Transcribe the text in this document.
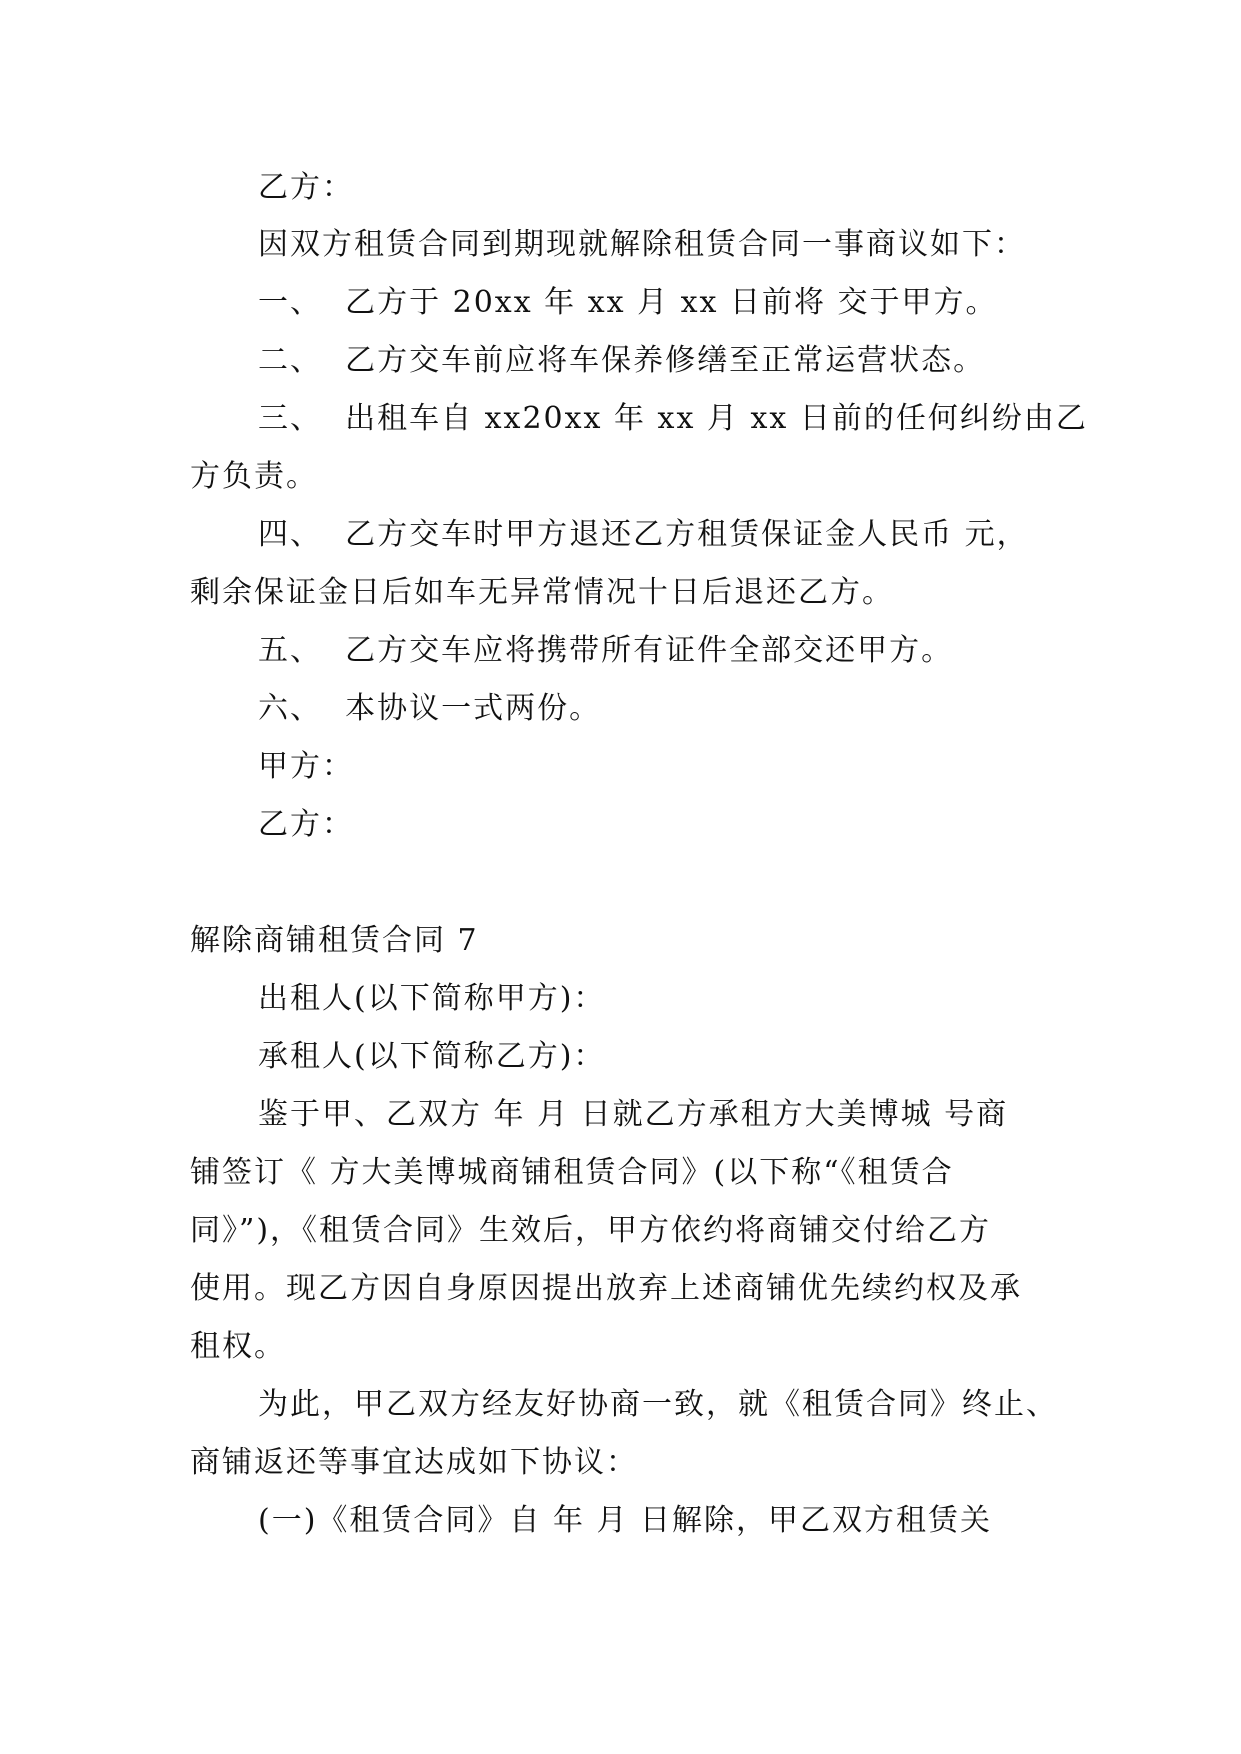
乙方：
因双方租赁合同到期现就解除租赁合同一事商议如下：
一、  乙方于 20xx 年 xx 月 xx 日前将 交于甲方。
二、  乙方交车前应将车保养修缮至正常运营状态。
三、  出租车自 xx20xx 年 xx 月 xx 日前的任何纠纷由乙
方负责。
四、  乙方交车时甲方退还乙方租赁保证金人民币 元，
剩余保证金日后如车无异常情况十日后退还乙方。
五、  乙方交车应将携带所有证件全部交还甲方。
六、  本协议一式两份。
甲方：
乙方：
解除商铺租赁合同 7
出租人(以下简称甲方)：
承租人(以下简称乙方)：
鉴于甲、乙双方 年 月 日就乙方承租方大美博城 号商
铺签订《 方大美博城商铺租赁合同》(以下称“《租赁合
同》”)，《租赁合同》生效后，甲方依约将商铺交付给乙方
使用。现乙方因自身原因提出放弃上述商铺优先续约权及承
租权。
为此，甲乙双方经友好协商一致，就《租赁合同》终止、
商铺返还等事宜达成如下协议：
(一)《租赁合同》自 年 月 日解除，甲乙双方租赁关
